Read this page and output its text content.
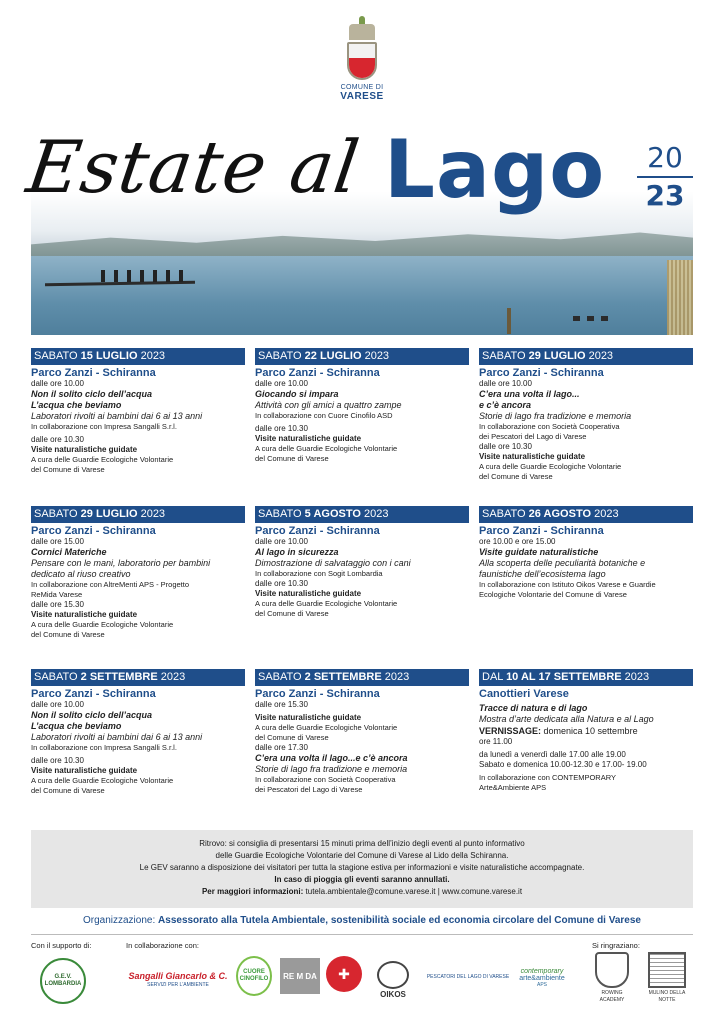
COMUNE DI
VARESE
Estate al Lago	20
23
SABATO 15 LUGLIO 2023
Parco Zanzi - Schiranna
dalle ore 10.00
Non il solito ciclo dell’acqua
L’acqua che beviamo
Laboratori rivolti ai bambini dai 6 ai 13 anni
In collaborazione con Impresa Sangalli S.r.l.
dalle ore 10.30
Visite naturalistiche guidate
A cura delle Guardie Ecologiche Volontarie
del Comune di Varese
SABATO 22 LUGLIO 2023
Parco Zanzi - Schiranna
dalle ore 10.00
Giocando si impara
Attività con gli amici a quattro zampe
In collaborazione con Cuore Cinofilo ASD
dalle ore 10.30
Visite naturalistiche guidate
A cura delle Guardie Ecologiche Volontarie
del Comune di Varese
SABATO 29 LUGLIO 2023
Parco Zanzi - Schiranna
dalle ore 10.00
C’era una volta il lago...
e c’è ancora
Storie di lago fra tradizione e memoria
In collaborazione con Società Cooperativa
dei Pescatori del Lago di Varese
dalle ore 10.30
Visite naturalistiche guidate
A cura delle Guardie Ecologiche Volontarie
del Comune di Varese
SABATO 29 LUGLIO 2023
Parco Zanzi - Schiranna
dalle ore 15.00
Cornici Materiche
Pensare con le mani, laboratorio per bambini
dedicato al riuso creativo
In collaborazione con AltreMenti APS - Progetto
ReMida Varese
dalle ore 15.30
Visite naturalistiche guidate
A cura delle Guardie Ecologiche Volontarie
del Comune di Varese
SABATO 5 AGOSTO 2023
Parco Zanzi - Schiranna
dalle ore 10.00
Al lago in sicurezza
Dimostrazione di salvataggio con i cani
In collaborazione con Sogit Lombardia
dalle ore 10.30
Visite naturalistiche guidate
A cura delle Guardie Ecologiche Volontarie
del Comune di Varese
SABATO 26 AGOSTO 2023
Parco Zanzi - Schiranna
ore 10.00 e ore 15.00
Visite guidate naturalistiche
Alla scoperta delle peculiarità botaniche e
faunistiche dell’ecosistema lago
In collaborazione con Istituto Oikos Varese e Guardie
Ecologiche Volontarie del Comune di Varese
SABATO 2 SETTEMBRE 2023
Parco Zanzi - Schiranna
dalle ore 10.00
Non il solito ciclo dell’acqua
L’acqua che beviamo
Laboratori rivolti ai bambini dai 6 ai 13 anni
In collaborazione con Impresa Sangalli S.r.l.
dalle ore 10.30
Visite naturalistiche guidate
A cura delle Guardie Ecologiche Volontarie
del Comune di Varese
SABATO 2 SETTEMBRE 2023
Parco Zanzi - Schiranna
dalle ore 15.30
Visite naturalistiche guidate
A cura delle Guardie Ecologiche Volontarie
del Comune di Varese
dalle ore 17.30
C’era una volta il lago...e c’è ancora
Storie di lago fra tradizione e memoria
In collaborazione con Società Cooperativa
dei Pescatori del Lago di Varese
DAL 10 AL 17 SETTEMBRE 2023
Canottieri Varese
Tracce di natura e di lago
Mostra d’arte dedicata alla Natura e al Lago
VERNISSAGE: domenica 10 settembre
ore 11.00
da lunedì a venerdì dalle 17.00 alle 19.00
Sabato e domenica 10.00-12.30 e 17.00- 19.00
In collaborazione con CONTEMPORARY
Arte&Ambiente APS
Ritrovo: si consiglia di presentarsi 15 minuti prima dell’inizio degli eventi al punto informativo
delle Guardie Ecologiche Volontarie del Comune di Varese al Lido della Schiranna.
Le GEV saranno a disposizione dei visitatori per tutta la stagione estiva per informazioni e visite naturalistiche accompagnate.
In caso di pioggia gli eventi saranno annullati.
Per maggiori informazioni: tutela.ambientale@comune.varese.it | www.comune.varese.it
Organizzazione: Assessorato alla Tutela Ambientale, sostenibilità sociale ed economia circolare del Comune di Varese
Con il supporto di:	In collaborazione con:	Si ringraziano:
G.E.V. LOMBARDIA
Sangalli Giancarlo & C.
SERVIZI PER L'AMBIENTE
CUORE CINOFILO RE M DA	✚
OIKOS
PESCATORI DEL LAGO DI VARESE
contemporary
arte&ambiente
APS
ROWING ACADEMY
MULINO DELLA NOTTE
